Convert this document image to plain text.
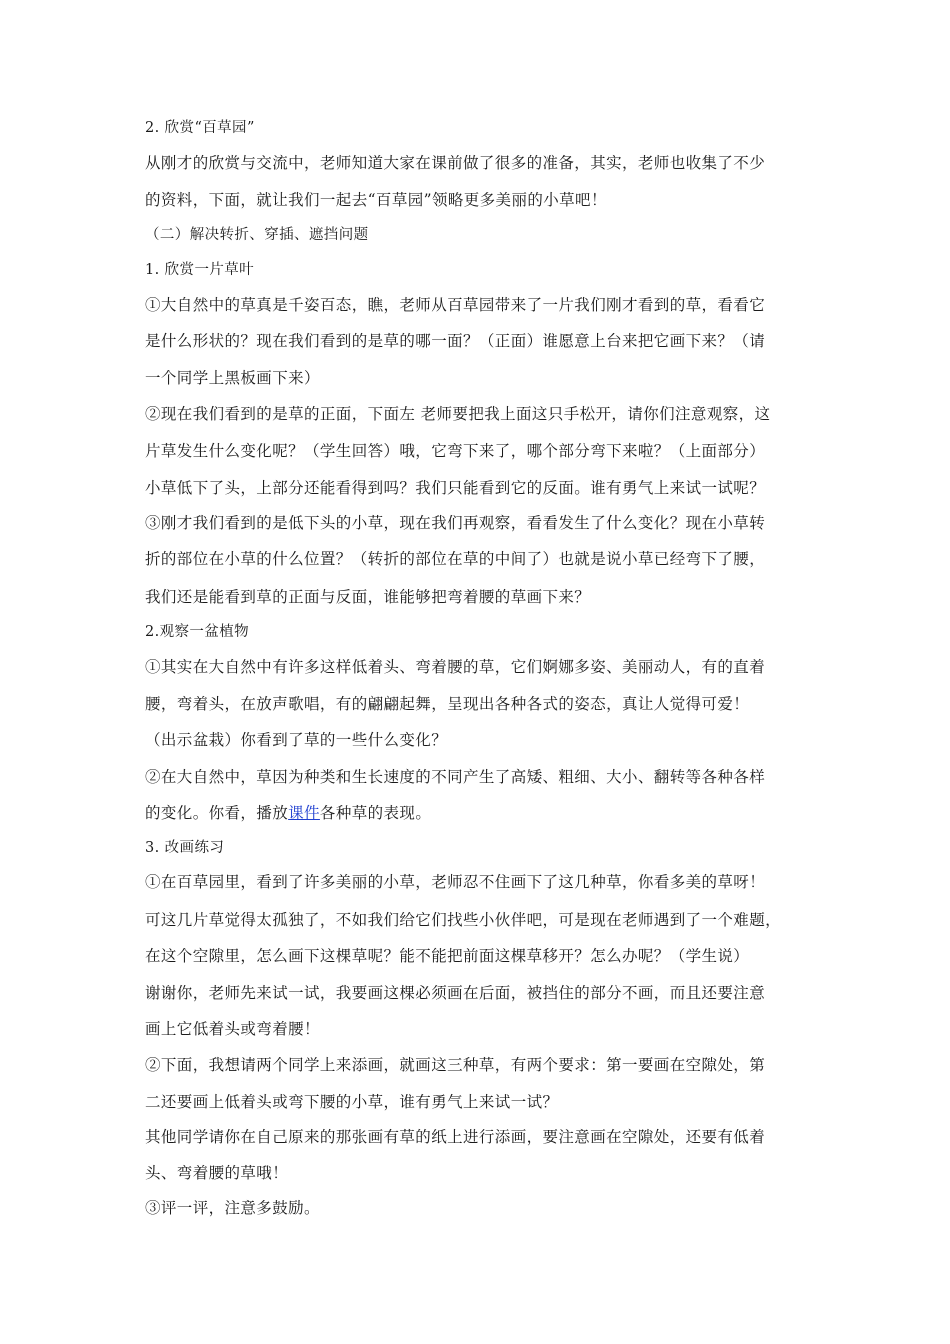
2. 欣赏“百草园”
从刚才的欣赏与交流中，老师知道大家在课前做了很多的准备，其实，老师也收集了不少
的资料，下面，就让我们一起去“百草园”领略更多美丽的小草吧！
（二）解决转折、穿插、遮挡问题
1. 欣赏一片草叶
①大自然中的草真是千姿百态，瞧，老师从百草园带来了一片我们刚才看到的草，看看它
是什么形状的？现在我们看到的是草的哪一面？（正面）谁愿意上台来把它画下来？（请
一个同学上黑板画下来）
②现在我们看到的是草的正面，下面左 老师要把我上面这只手松开，请你们注意观察，这
片草发生什么变化呢？（学生回答）哦，它弯下来了，哪个部分弯下来啦？（上面部分）
小草低下了头，上部分还能看得到吗？我们只能看到它的反面。谁有勇气上来试一试呢？
③刚才我们看到的是低下头的小草，现在我们再观察，看看发生了什么变化？现在小草转
折的部位在小草的什么位置？（转折的部位在草的中间了）也就是说小草已经弯下了腰，
我们还是能看到草的正面与反面，谁能够把弯着腰的草画下来？
2.观察一盆植物
①其实在大自然中有许多这样低着头、弯着腰的草，它们婀娜多姿、美丽动人，有的直着
腰，弯着头，在放声歌唱，有的翩翩起舞，呈现出各种各式的姿态，真让人觉得可爱！
（出示盆栽）你看到了草的一些什么变化？
②在大自然中，草因为种类和生长速度的不同产生了高矮、粗细、大小、翻转等各种各样
的变化。你看，播放课件各种草的表现。
3. 改画练习
①在百草园里，看到了许多美丽的小草，老师忍不住画下了这几种草，你看多美的草呀！
可这几片草觉得太孤独了，不如我们给它们找些小伙伴吧，可是现在老师遇到了一个难题，
在这个空隙里，怎么画下这棵草呢？能不能把前面这棵草移开？怎么办呢？（学生说）
谢谢你，老师先来试一试，我要画这棵必须画在后面，被挡住的部分不画，而且还要注意
画上它低着头或弯着腰！
②下面，我想请两个同学上来添画，就画这三种草，有两个要求：第一要画在空隙处，第
二还要画上低着头或弯下腰的小草，谁有勇气上来试一试？
其他同学请你在自己原来的那张画有草的纸上进行添画，要注意画在空隙处，还要有低着
头、弯着腰的草哦！
③评一评，注意多鼓励。
